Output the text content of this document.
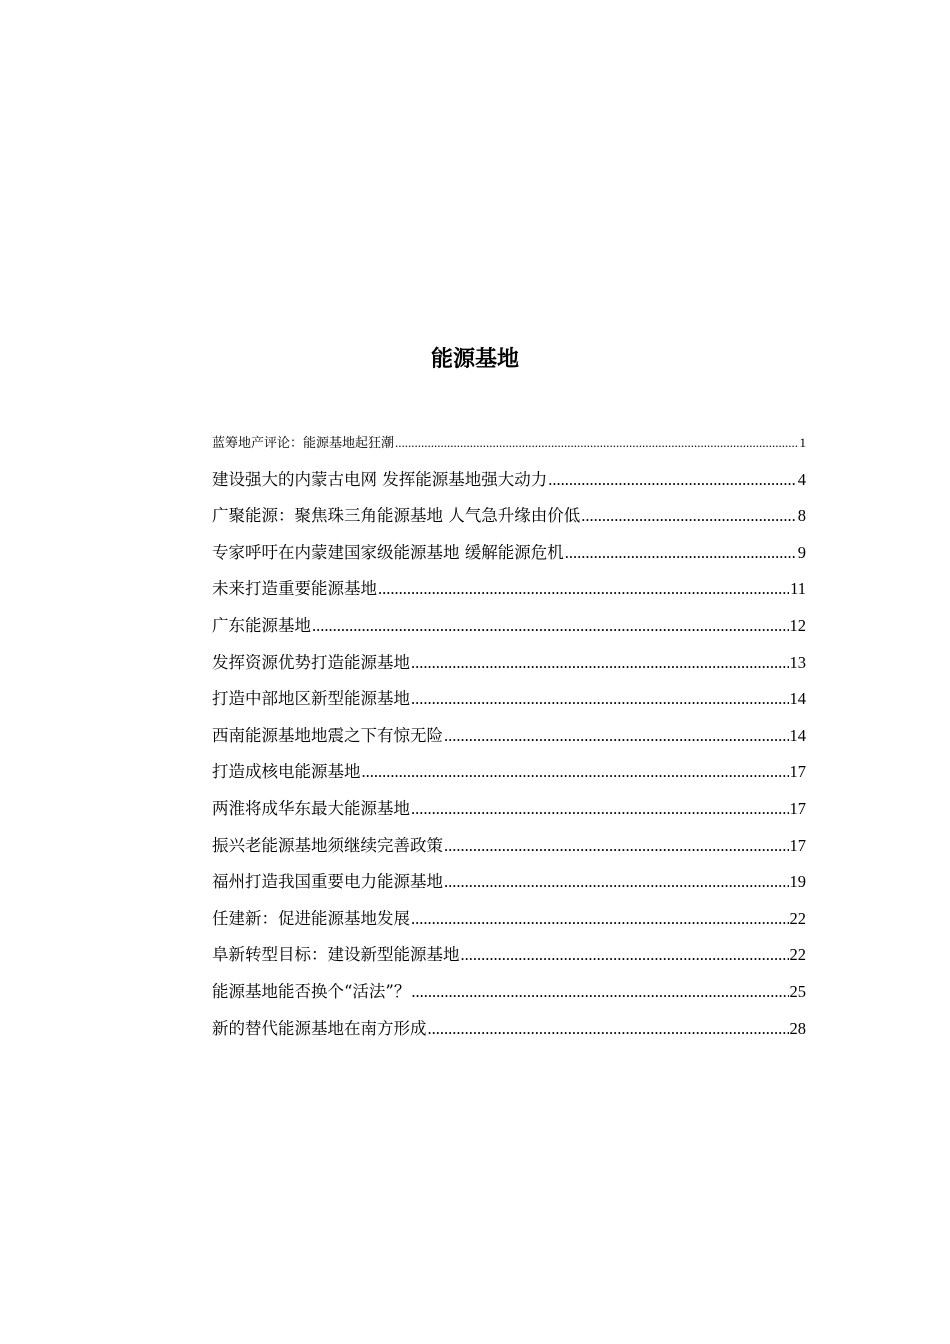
能源基地
蓝筹地产评论：能源基地起狂潮 .....	1
建设强大的内蒙古电网 发挥能源基地强大动力 .....	4
广聚能源：聚焦珠三角能源基地 人气急升缘由价低 .....	8
专家呼吁在内蒙建国家级能源基地 缓解能源危机 .....	9
未来打造重要能源基地 .....	11
广东能源基地 .....	12
发挥资源优势打造能源基地 .....	13
打造中部地区新型能源基地 .....	14
西南能源基地地震之下有惊无险 .....	14
打造成核电能源基地 .....	17
两淮将成华东最大能源基地 .....	17
振兴老能源基地须继续完善政策 .....	17
福州打造我国重要电力能源基地 .....	19
任建新：促进能源基地发展 .....	22
阜新转型目标：建设新型能源基地 .....	22
能源基地能否换个“活法”？ .....	25
新的替代能源基地在南方形成 .....	28
